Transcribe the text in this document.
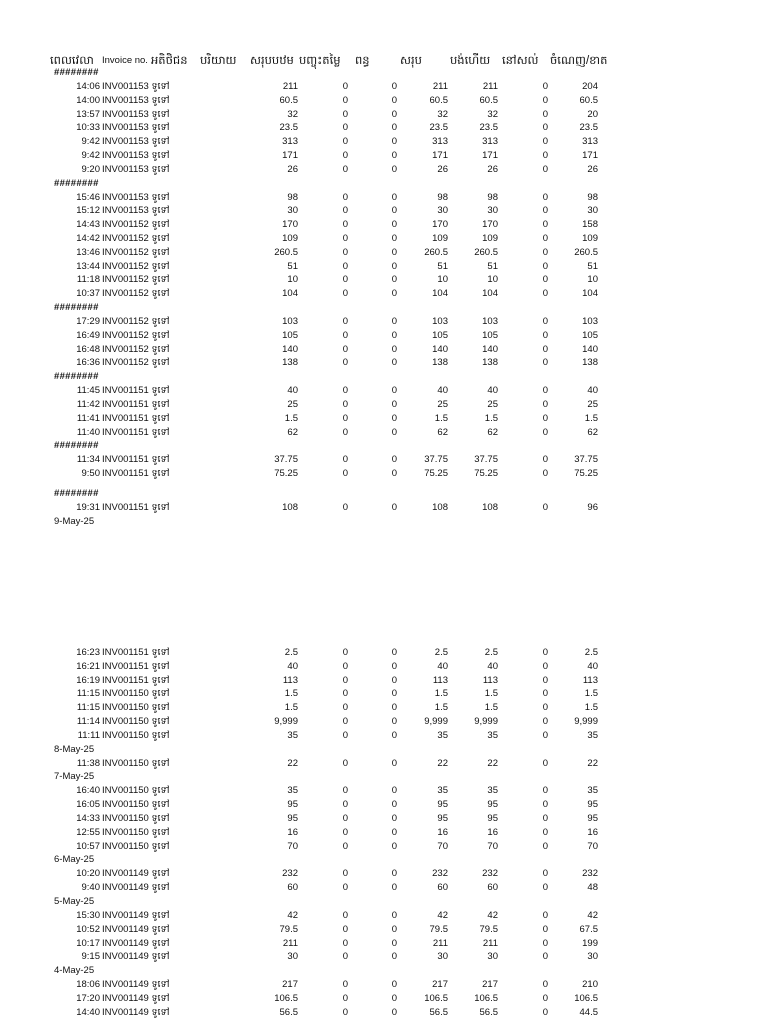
ពេលវេលា Invoice no. អតិថិជន បរិយាយ សរុបបឋម បញ្ចុះតម្លៃ ពន្ធ	សរុប បង់ហើយ នៅសល់ ចំណេញ/ខាត
########
14:06 INV001153 ទូទៅ	211	0	0	211	211	0	204
14:00 INV001153 ទូទៅ	60.5	0	0	60.5	60.5	0	60.5
13:57 INV001153 ទូទៅ	32	0	0	32	32	0	20
10:33 INV001153 ទូទៅ	23.5	0	0	23.5	23.5	0	23.5
9:42 INV001153 ទូទៅ	313	0	0	313	313	0	313
9:42 INV001153 ទូទៅ	171	0	0	171	171	0	171
9:20 INV001153 ទូទៅ	26	0	0	26	26	0	26
########
15:46 INV001153 ទូទៅ	98	0	0	98	98	0	98
15:12 INV001153 ទូទៅ	30	0	0	30	30	0	30
14:43 INV001152 ទូទៅ	170	0	0	170	170	0	158
14:42 INV001152 ទូទៅ	109	0	0	109	109	0	109
13:46 INV001152 ទូទៅ	260.5	0	0	260.5	260.5	0	260.5
13:44 INV001152 ទូទៅ	51	0	0	51	51	0	51
11:18 INV001152 ទូទៅ	10	0	0	10	10	0	10
10:37 INV001152 ទូទៅ	104	0	0	104	104	0	104
########
17:29 INV001152 ទូទៅ	103	0	0	103	103	0	103
16:49 INV001152 ទូទៅ	105	0	0	105	105	0	105
16:48 INV001152 ទូទៅ	140	0	0	140	140	0	140
16:36 INV001152 ទូទៅ	138	0	0	138	138	0	138
########
11:45 INV001151 ទូទៅ	40	0	0	40	40	0	40
11:42 INV001151 ទូទៅ	25	0	0	25	25	0	25
11:41 INV001151 ទូទៅ	1.5	0	0	1.5	1.5	0	1.5
11:40 INV001151 ទូទៅ	62	0	0	62	62	0	62
########
11:34 INV001151 ទូទៅ	37.75	0	0	37.75	37.75	0	37.75
9:50 INV001151 ទូទៅ	75.25	0	0	75.25	75.25	0	75.25
########
19:31 INV001151 ទូទៅ	108	0	0	108	108	0	96
9-May-25
16:23 INV001151 ទូទៅ	2.5	0	0	2.5	2.5	0	2.5
16:21 INV001151 ទូទៅ	40	0	0	40	40	0	40
16:19 INV001151 ទូទៅ	113	0	0	113	113	0	113
11:15 INV001150 ទូទៅ	1.5	0	0	1.5	1.5	0	1.5
11:15 INV001150 ទូទៅ	1.5	0	0	1.5	1.5	0	1.5
11:14 INV001150 ទូទៅ	9,999	0	0	9,999	9,999	0	9,999
11:11 INV001150 ទូទៅ	35	0	0	35	35	0	35
8-May-25
11:38 INV001150 ទូទៅ	22	0	0	22	22	0	22
7-May-25
16:40 INV001150 ទូទៅ	35	0	0	35	35	0	35
16:05 INV001150 ទូទៅ	95	0	0	95	95	0	95
14:33 INV001150 ទូទៅ	95	0	0	95	95	0	95
12:55 INV001150 ទូទៅ	16	0	0	16	16	0	16
10:57 INV001150 ទូទៅ	70	0	0	70	70	0	70
6-May-25
10:20 INV001149 ទូទៅ	232	0	0	232	232	0	232
9:40 INV001149 ទូទៅ	60	0	0	60	60	0	48
5-May-25
15:30 INV001149 ទូទៅ	42	0	0	42	42	0	42
10:52 INV001149 ទូទៅ	79.5	0	0	79.5	79.5	0	67.5
10:17 INV001149 ទូទៅ	211	0	0	211	211	0	199
9:15 INV001149 ទូទៅ	30	0	0	30	30	0	30
4-May-25
18:06 INV001149 ទូទៅ	217	0	0	217	217	0	210
17:20 INV001149 ទូទៅ	106.5	0	0	106.5	106.5	0	106.5
14:40 INV001149 ទូទៅ	56.5	0	0	56.5	56.5	0	44.5
